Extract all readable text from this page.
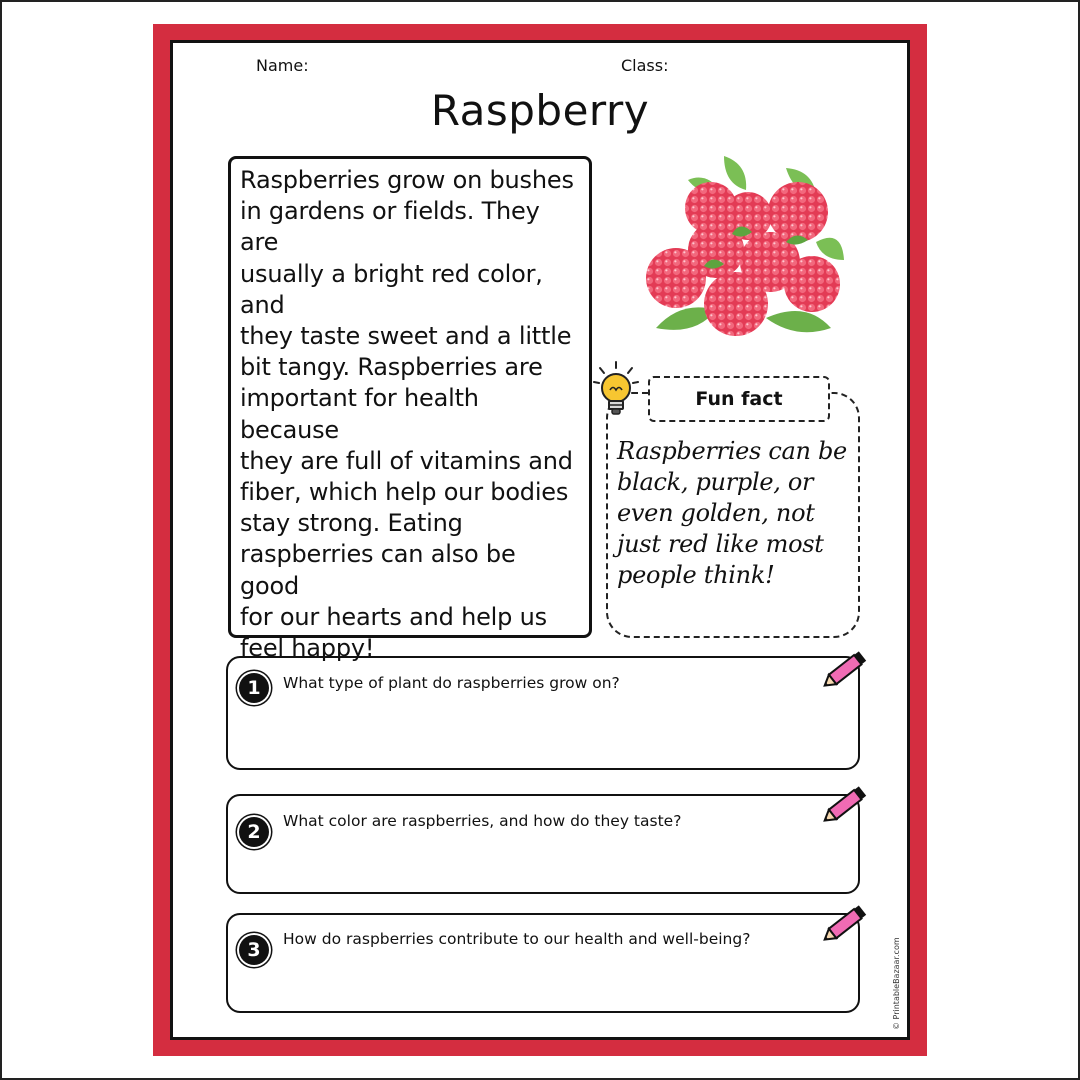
Name:	Class:
Raspberry

Raspberries grow on bushes
in gardens or fields. They are
usually a bright red color, and
they taste sweet and a little
bit tangy. Raspberries are
important for health because
they are full of vitamins and
fiber, which help our bodies
stay strong. Eating
raspberries can also be good
for our hearts and help us
feel happy!

Fun fact

Raspberries can be
black, purple, or
even golden, not
just red like most
people think!

1	What type of plant do raspberries grow on?
2	What color are raspberries, and how do they taste?
3	How do raspberries contribute to our health and well-being?	© PrintableBazaar.com
